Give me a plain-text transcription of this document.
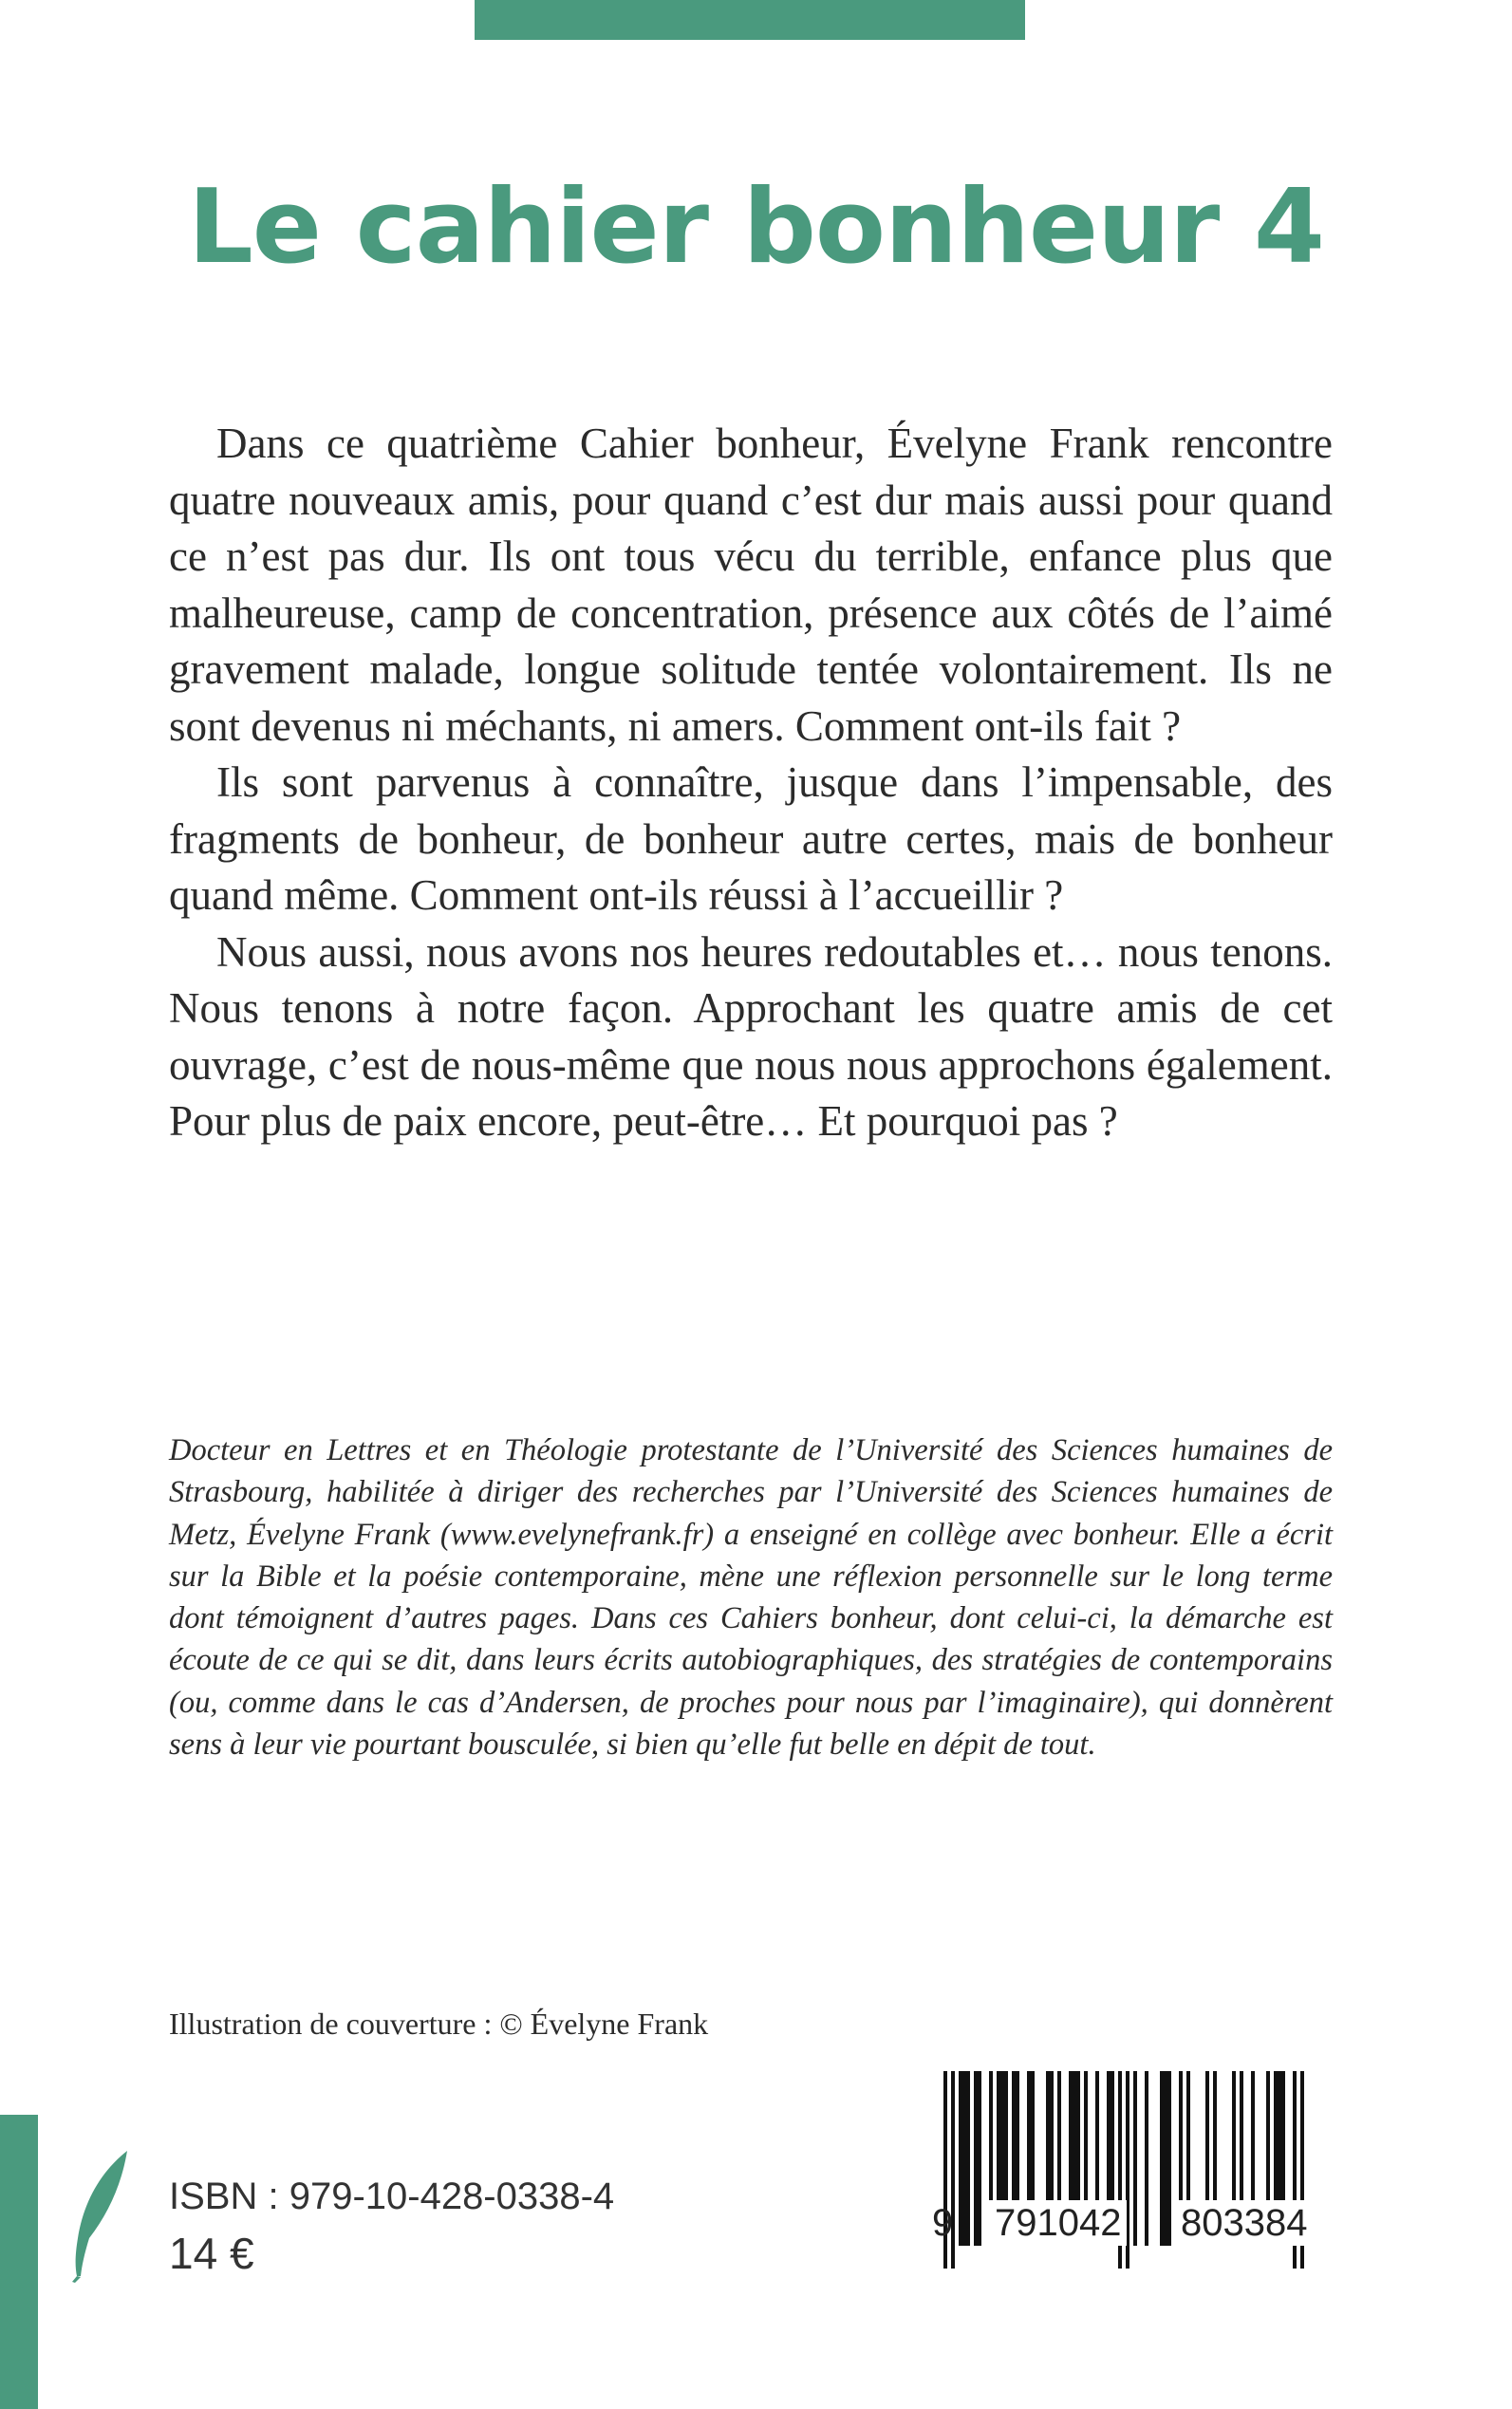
Le cahier bonheur 4

Dans ce quatrième Cahier bonheur, Évelyne Frank rencontre quatre nouveaux amis, pour quand c’est dur mais aussi pour quand ce n’est pas dur. Ils ont tous vécu du terrible, enfance plus que malheureuse, camp de concentration, présence aux côtés de l’aimé gravement malade, longue solitude tentée volontairement. Ils ne sont devenus ni méchants, ni amers. Comment ont-ils fait ?

Ils sont parvenus à connaître, jusque dans l’impensable, des fragments de bonheur, de bonheur autre certes, mais de bonheur quand même. Comment ont-ils réussi à l’accueillir ?

Nous aussi, nous avons nos heures redoutables et… nous tenons. Nous tenons à notre façon. Approchant les quatre amis de cet ouvrage, c’est de nous-même que nous nous approchons également. Pour plus de paix encore, peut-être… Et pourquoi pas ?

Docteur en Lettres et en Théologie protestante de l’Université des Sciences humaines de Strasbourg, habilitée à diriger des recherches par l’Université des Sciences humaines de Metz, Évelyne Frank (www.evelynefrank.fr) a enseigné en collège avec bonheur. Elle a écrit sur la Bible et la poésie contemporaine, mène une réflexion personnelle sur le long terme dont témoignent d’autres pages. Dans ces Cahiers bonheur, dont celui-ci, la démarche est écoute de ce qui se dit, dans leurs écrits autobiographiques, des stratégies de contemporains (ou, comme dans le cas d’Andersen, de proches pour nous par l’imaginaire), qui donnèrent sens à leur vie pourtant bousculée, si bien qu’elle fut belle en dépit de tout.

Illustration de couverture : © Évelyne Frank

ISBN : 979-10-428-0338-4

14 €

9 791042 803384
